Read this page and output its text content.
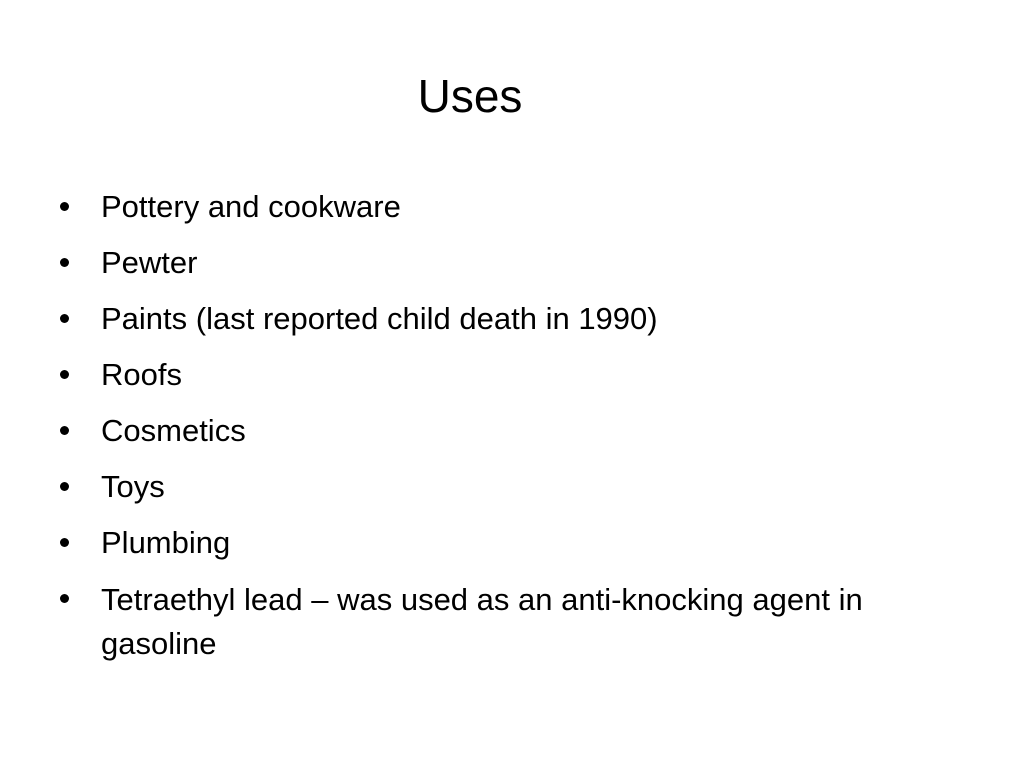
Uses
Pottery and cookware
Pewter
Paints (last reported child death in 1990)
Roofs
Cosmetics
Toys
Plumbing
Tetraethyl lead – was used as an anti-knocking agent in gasoline
